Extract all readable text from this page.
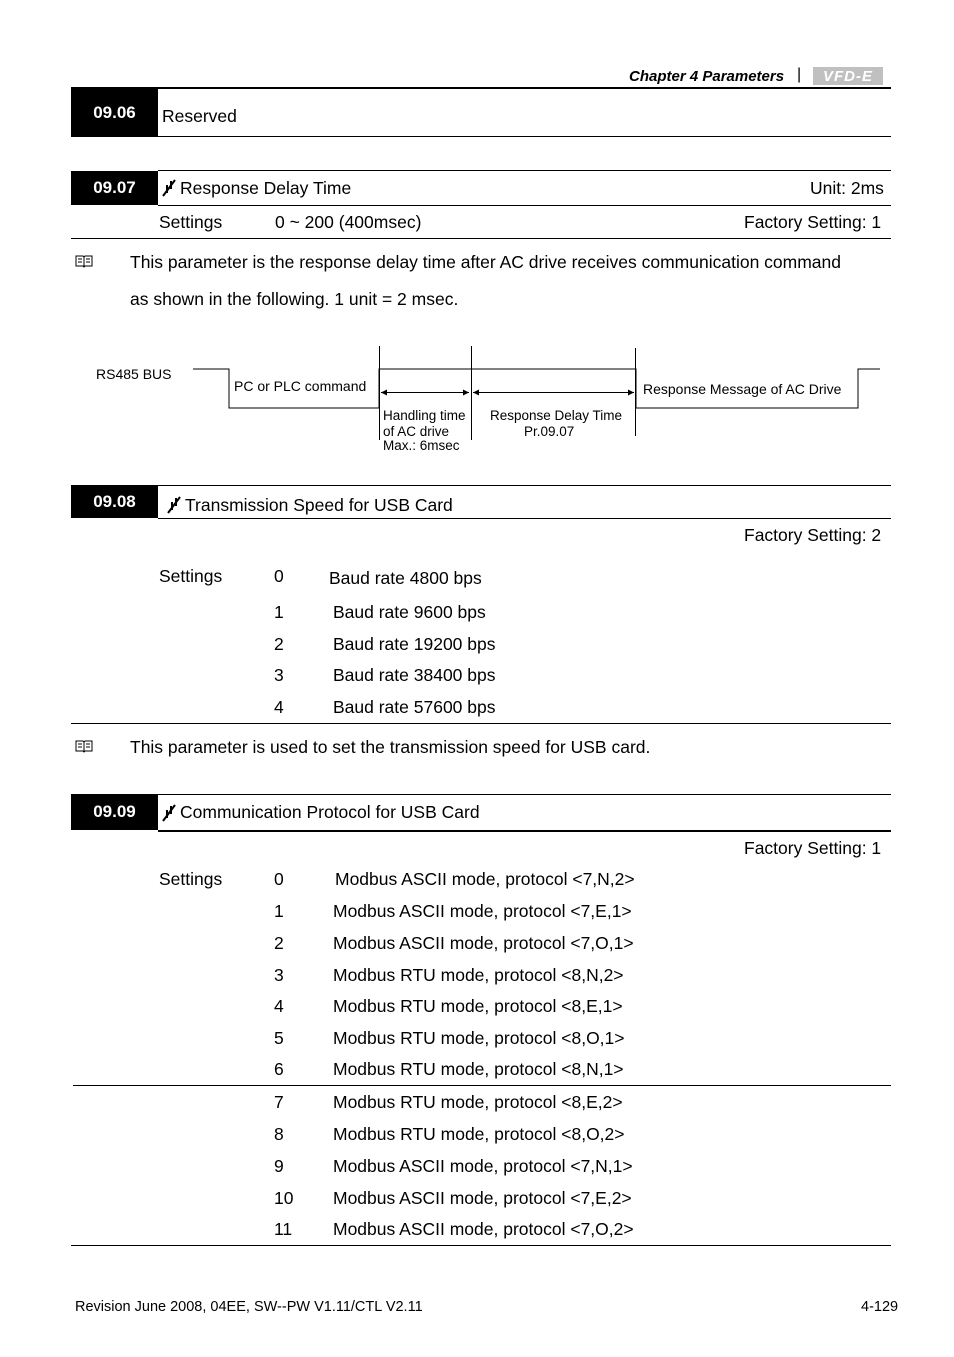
Chapter 4 Parameters |	VFD-E
09.06	Reserved
09.07	Response Delay Time	Unit: 2ms
Settings	0 ~ 200 (400msec)	Factory Setting: 1
This parameter is the response delay time after AC drive receives communication command
as shown in the following. 1 unit = 2 msec.
RS485 BUS
PC or PLC command	Response Message of AC Drive
Handling time
of AC drive
Max.: 6msec
Response Delay Time
Pr.09.07
09.08	Transmission Speed for USB Card
Factory Setting: 2
Settings	0	Baud rate 4800 bps
1	Baud rate 9600 bps
2	Baud rate 19200 bps
3	Baud rate 38400 bps
4	Baud rate 57600 bps
This parameter is used to set the transmission speed for USB card.
09.09	Communication Protocol for USB Card
Factory Setting: 1
Settings	0	Modbus ASCII mode, protocol <7,N,2>
1	Modbus ASCII mode, protocol <7,E,1>
2	Modbus ASCII mode, protocol <7,O,1>
3	Modbus RTU mode, protocol <8,N,2>
4	Modbus RTU mode, protocol <8,E,1>
5	Modbus RTU mode, protocol <8,O,1>
6	Modbus RTU mode, protocol <8,N,1>
7	Modbus RTU mode, protocol <8,E,2>
8	Modbus RTU mode, protocol <8,O,2>
9	Modbus ASCII mode, protocol <7,N,1>
10 Modbus ASCII mode, protocol <7,E,2>
11 Modbus ASCII mode, protocol <7,O,2>
Revision June 2008, 04EE, SW--PW V1.11/CTL V2.11	4-129
